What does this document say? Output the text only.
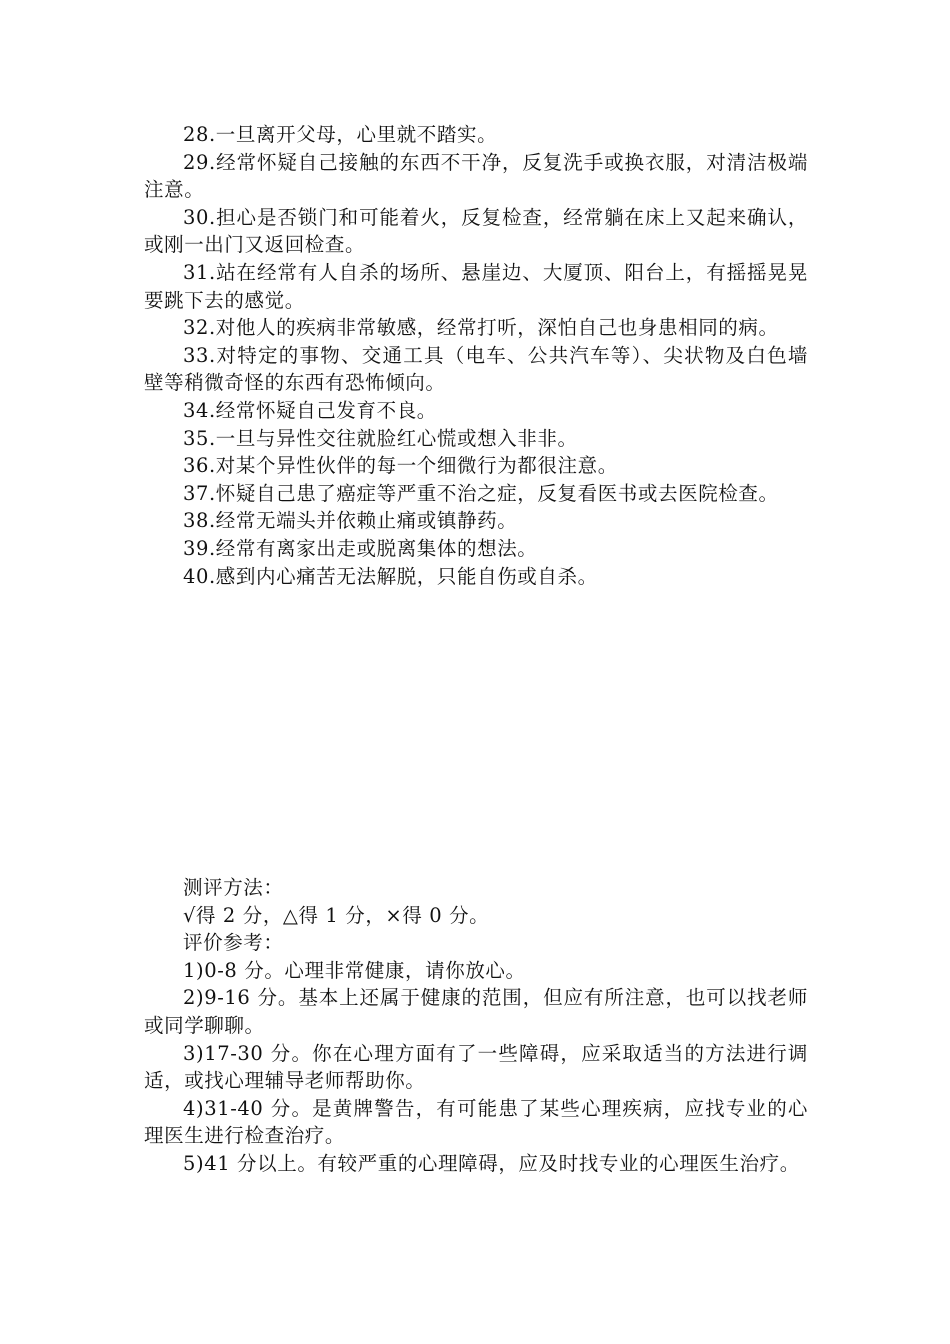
28.一旦离开父母，心里就不踏实。

29.经常怀疑自己接触的东西不干净，反复洗手或换衣服，对清洁极端注意。

30.担心是否锁门和可能着火，反复检查，经常躺在床上又起来确认，或刚一出门又返回检查。

31.站在经常有人自杀的场所、悬崖边、大厦顶、阳台上，有摇摇晃晃要跳下去的感觉。

32.对他人的疾病非常敏感，经常打听，深怕自己也身患相同的病。

33.对特定的事物、交通工具（电车、公共汽车等）、尖状物及白色墙壁等稍微奇怪的东西有恐怖倾向。

34.经常怀疑自己发育不良。

35.一旦与异性交往就脸红心慌或想入非非。

36.对某个异性伙伴的每一个细微行为都很注意。

37.怀疑自己患了癌症等严重不治之症，反复看医书或去医院检查。

38.经常无端头并依赖止痛或镇静药。

39.经常有离家出走或脱离集体的想法。

40.感到内心痛苦无法解脱，只能自伤或自杀。

测评方法：

√得 2 分，△得 1 分，×得 0 分。

评价参考：

1)0-8 分。心理非常健康，请你放心。

2)9-16 分。基本上还属于健康的范围，但应有所注意，也可以找老师或同学聊聊。

3)17-30 分。你在心理方面有了一些障碍，应采取适当的方法进行调适，或找心理辅导老师帮助你。

4)31-40 分。是黄牌警告，有可能患了某些心理疾病，应找专业的心理医生进行检查治疗。

5)41 分以上。有较严重的心理障碍，应及时找专业的心理医生治疗。
